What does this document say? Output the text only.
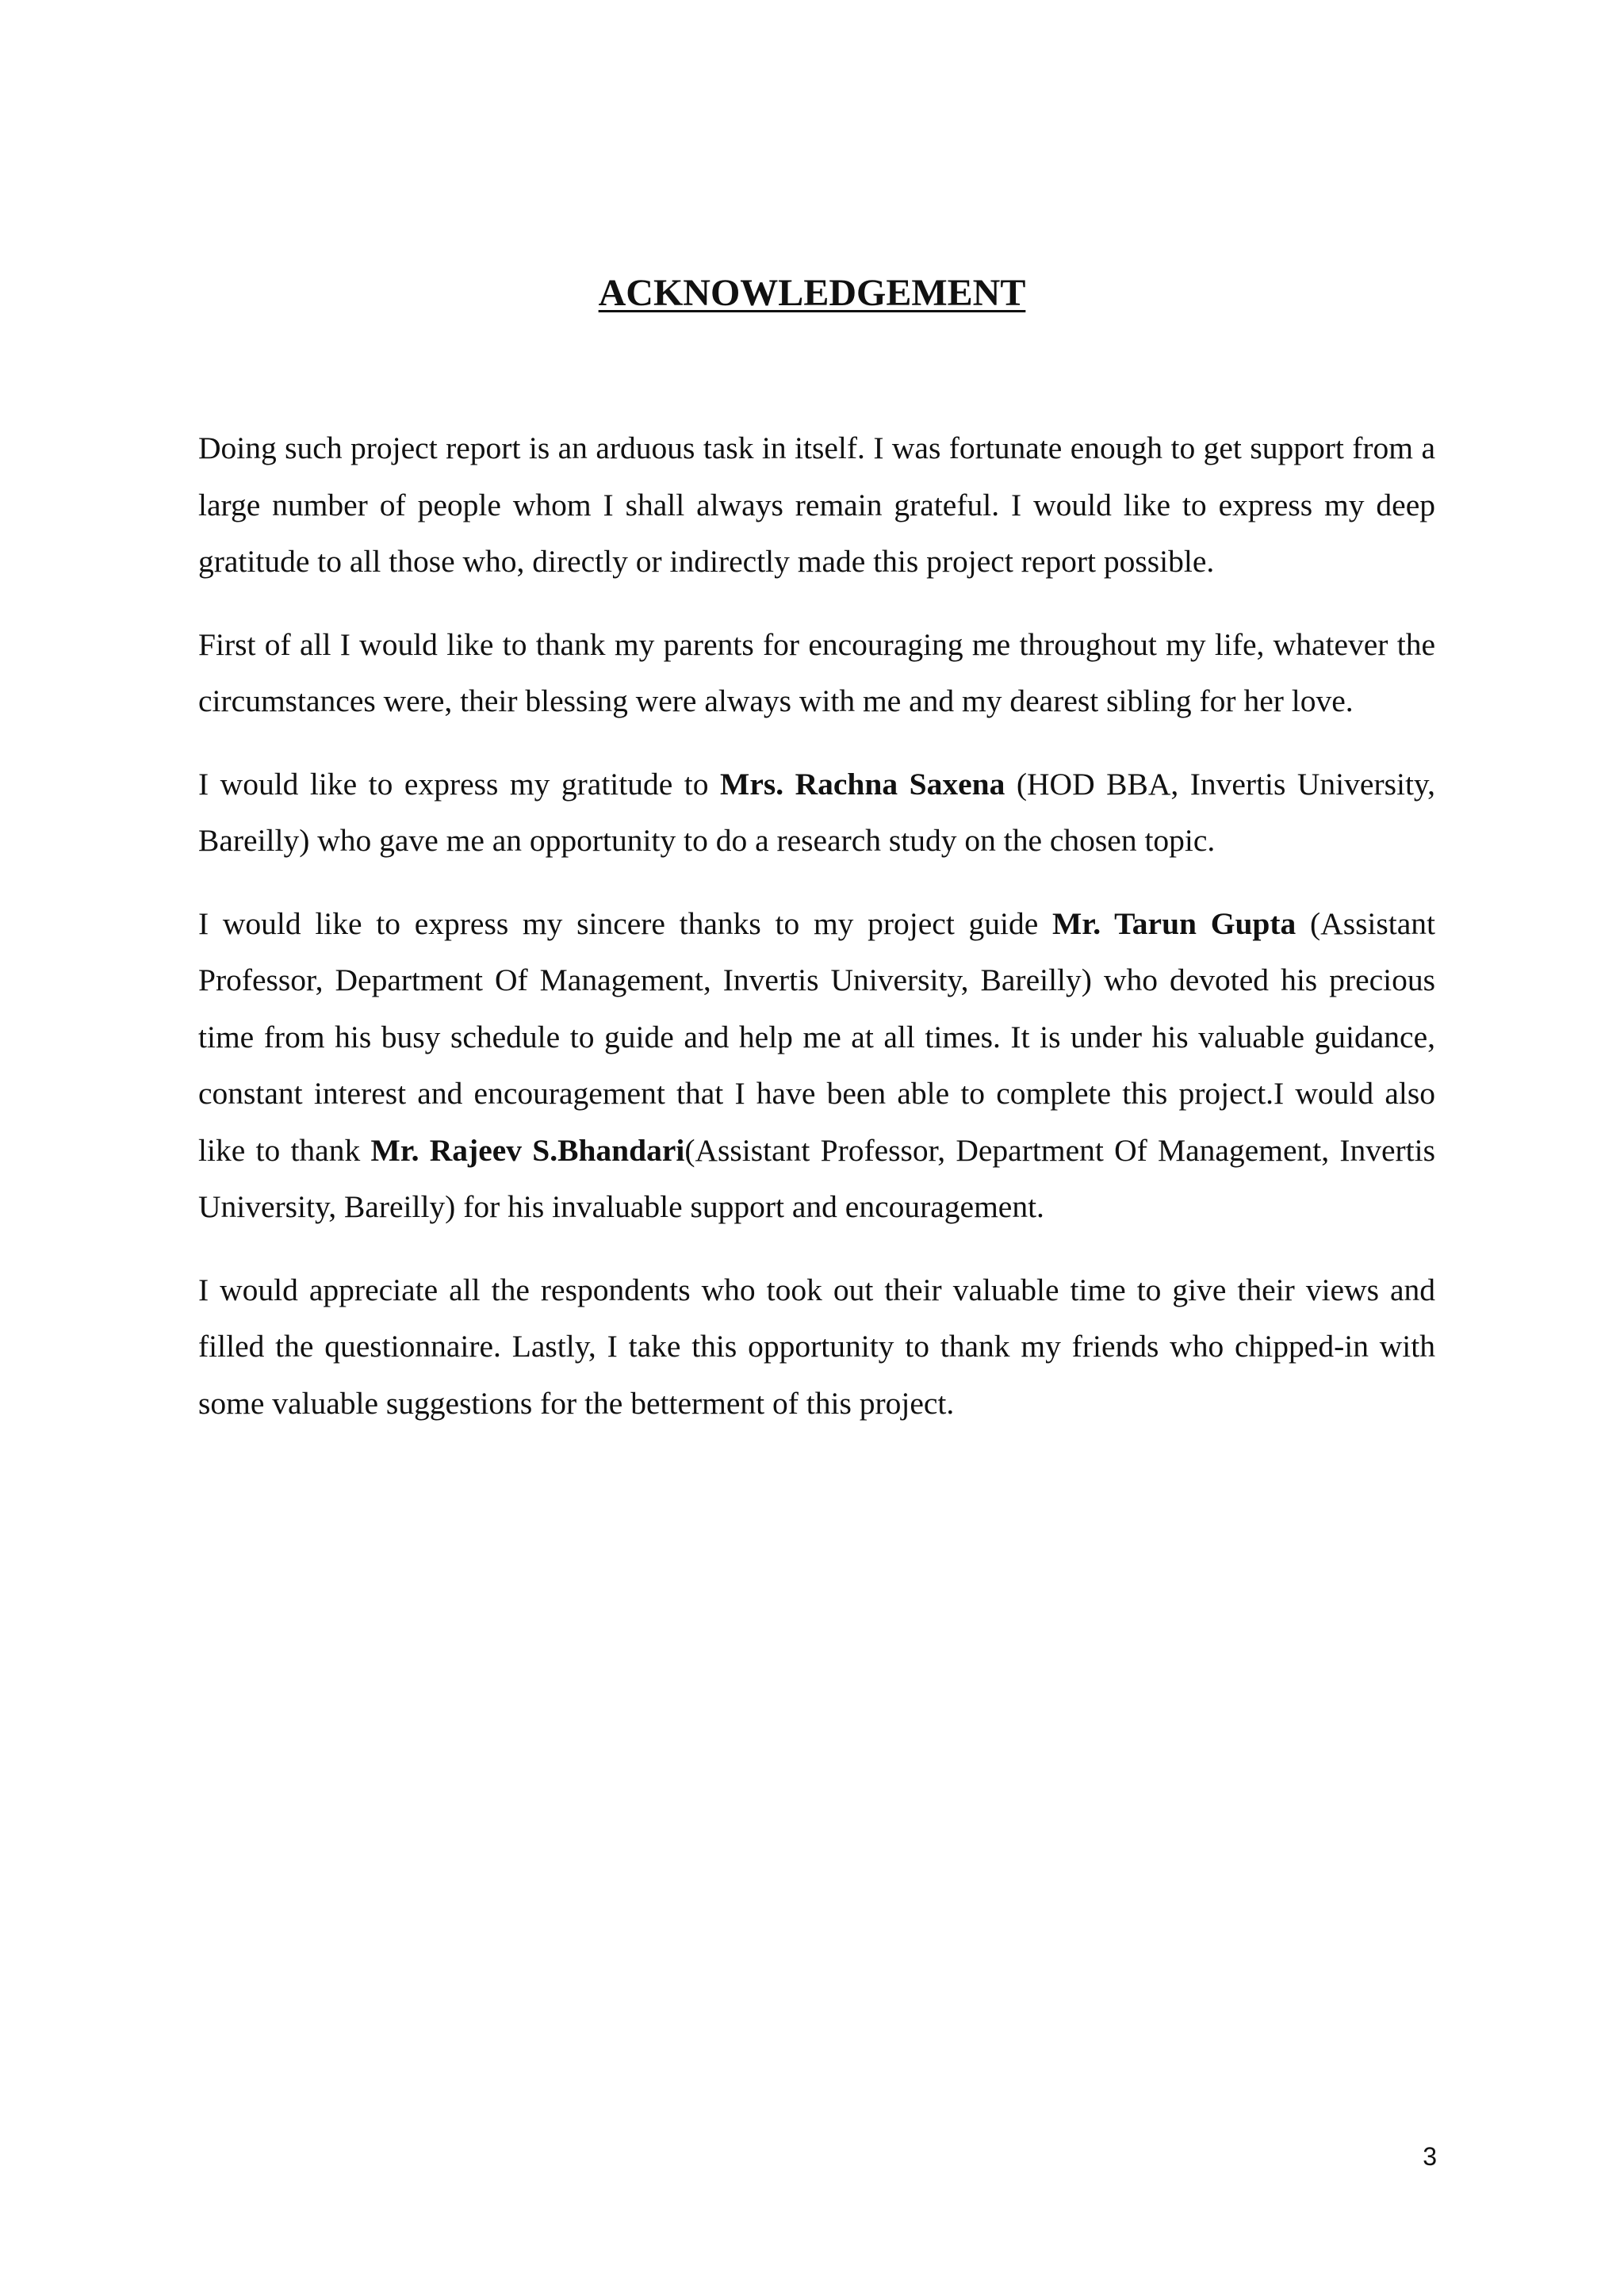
ACKNOWLEDGEMENT

Doing such project report is an arduous task in itself. I was fortunate enough to get support from a large number of people whom I shall always remain grateful. I would like to express my deep gratitude to all those who, directly or indirectly made this project report possible.

First of all I would like to thank my parents for encouraging me throughout my life, whatever the circumstances were, their blessing were always with me and my dearest sibling for her love.

I would like to express my gratitude to Mrs. Rachna Saxena (HOD BBA, Invertis University, Bareilly) who gave me an opportunity to do a research study on the chosen topic.

I would like to express my sincere thanks to my project guide Mr. Tarun Gupta (Assistant Professor, Department Of Management, Invertis University, Bareilly) who devoted his precious time from his busy schedule to guide and help me at all times. It is under his valuable guidance, constant interest and encouragement that I have been able to complete this project.I would also like to thank Mr. Rajeev S.Bhandari(Assistant Professor, Department Of Management, Invertis University, Bareilly) for his invaluable support and encouragement.

I would appreciate all the respondents who took out their valuable time to give their views and filled the questionnaire. Lastly, I take this opportunity to thank my friends who chipped-in with some valuable suggestions for the betterment of this project.

3
